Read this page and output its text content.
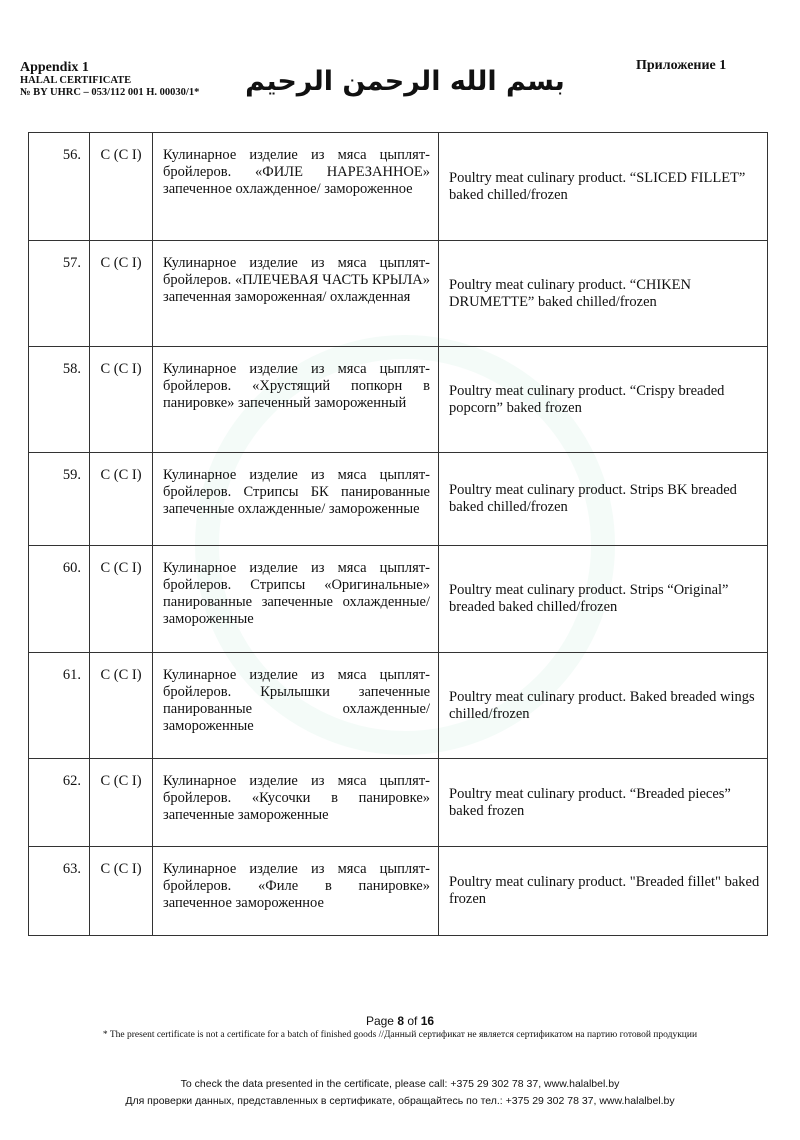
Appendix 1
HALAL CERTIFICATE
№ BY UHRC – 053/112 001 H. 00030/1* بسم الله الرحمن الرحيم	Приложение 1
56.	C (C I)	Кулинарное изделие из мяса цыплят-бройлеров. «ФИЛЕ НАРЕЗАННОЕ» запеченное охлажденное/ замороженное	Poultry meat culinary product. “SLICED FILLET” baked chilled/frozen
57.	C (C I)	Кулинарное изделие из мяса цыплят-бройлеров. «ПЛЕЧЕВАЯ ЧАСТЬ КРЫЛА» запеченная замороженная/ охлажденная	Poultry meat culinary product. “CHIKEN DRUMETTE” baked chilled/frozen
58.	C (C I)	Кулинарное изделие из мяса цыплят-бройлеров. «Хрустящий попкорн в панировке» запеченный замороженный	Poultry meat culinary product. “Crispy breaded popcorn” baked frozen
59.	C (C I)	Кулинарное изделие из мяса цыплят-бройлеров. Стрипсы БК панированные запеченные охлажденные/ замороженные	Poultry meat culinary product. Strips BK breaded baked chilled/frozen
60.	C (C I)	Кулинарное изделие из мяса цыплят-бройлеров. Стрипсы «Оригинальные» панированные запеченные охлажденные/замороженные	Poultry meat culinary product. Strips “Original” breaded baked chilled/frozen
61.	C (C I)	Кулинарное изделие из мяса цыплят-бройлеров. Крылышки запеченные панированные охлажденные/ замороженные	Poultry meat culinary product. Baked breaded wings chilled/frozen
62.	C (C I)	Кулинарное изделие из мяса цыплят-бройлеров. «Кусочки в панировке» запеченные замороженные	Poultry meat culinary product. “Breaded pieces” baked frozen
63.	C (C I)	Кулинарное изделие из мяса цыплят-бройлеров. «Филе в панировке» запеченное замороженное	Poultry meat culinary product. "Breaded fillet" baked frozen
Page 8 of 16
* The present certificate is not a certificate for a batch of finished goods //Данный сертификат не является сертификатом на партию готовой продукции
To check the data presented in the certificate, please call: +375 29 302 78 37, www.halalbel.by
Для проверки данных, представленных в сертификате, обращайтесь по тел.: +375 29 302 78 37, www.halalbel.by
